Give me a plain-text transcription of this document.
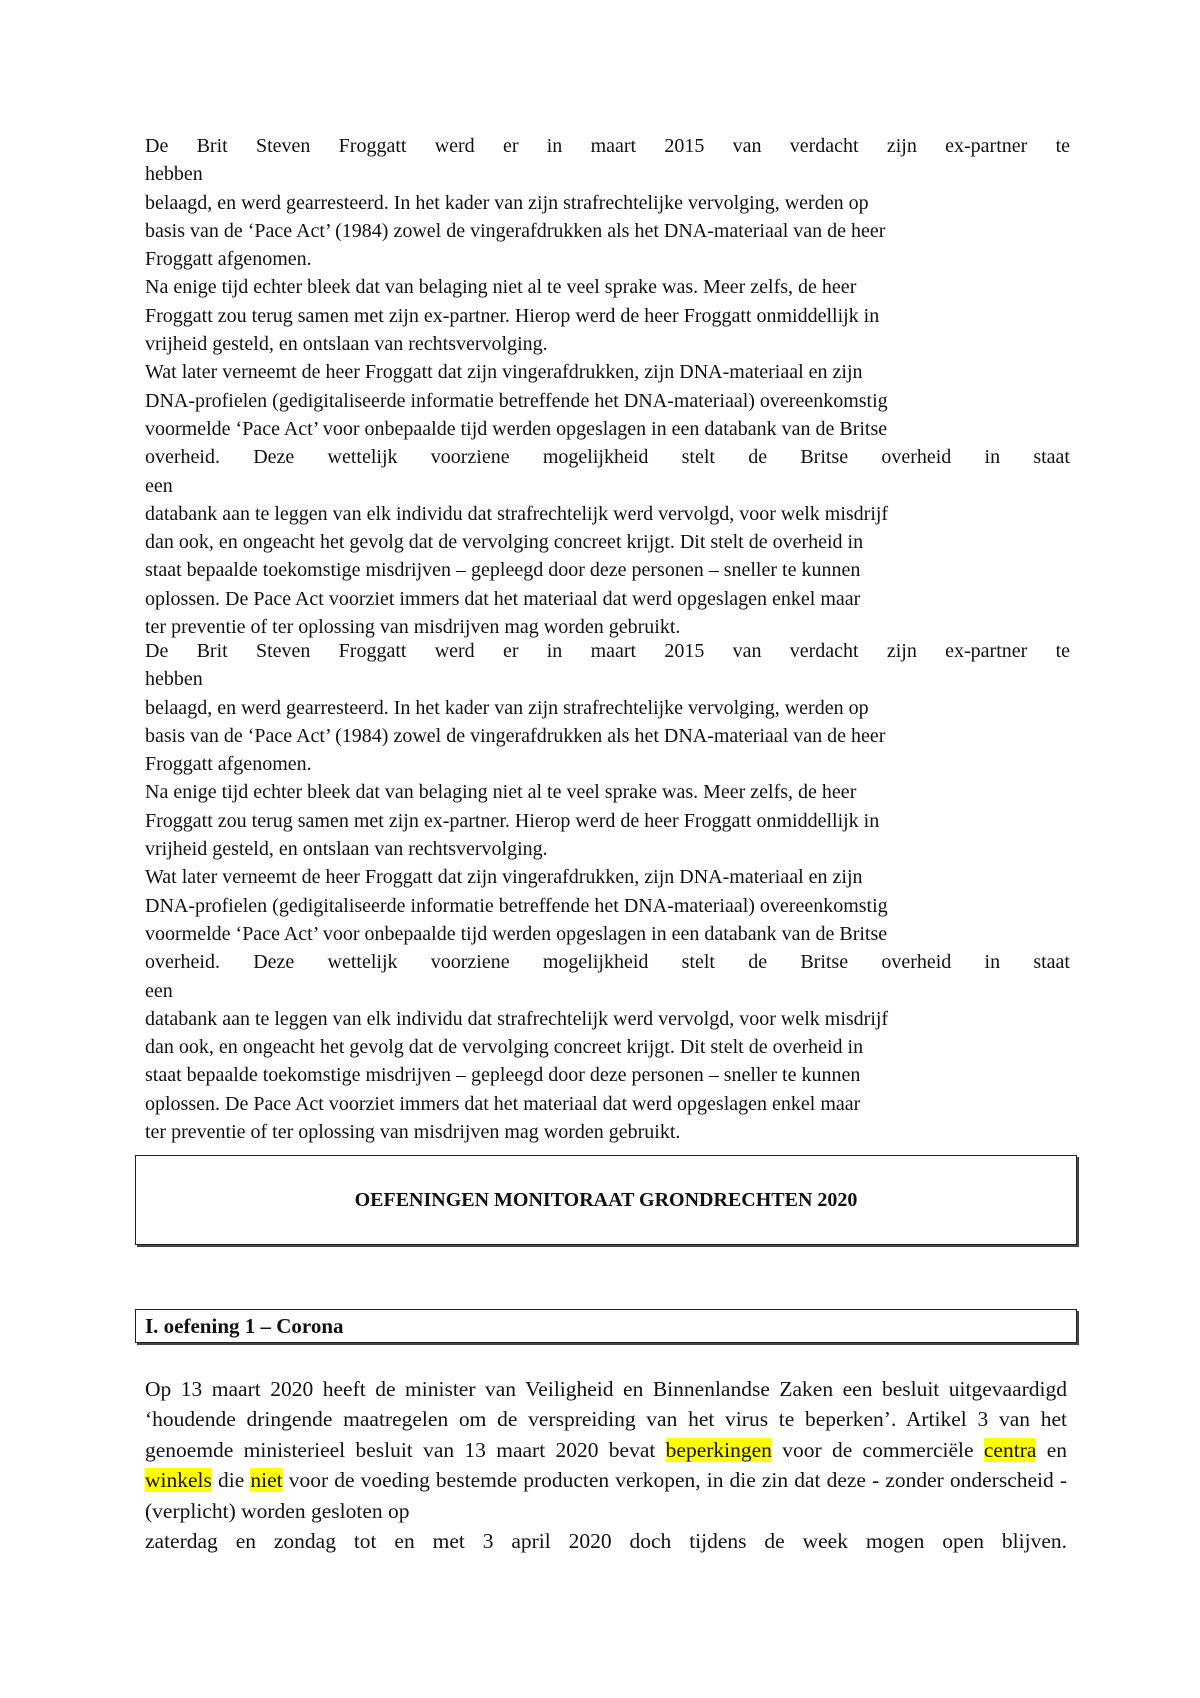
De Brit Steven Froggatt werd er in maart 2015 van verdacht zijn ex-partner te

hebben

belaagd, en werd gearresteerd. In het kader van zijn strafrechtelijke vervolging, werden op

basis van de ‘Pace Act’ (1984) zowel de vingerafdrukken als het DNA-materiaal van de heer

Froggatt afgenomen.

Na enige tijd echter bleek dat van belaging niet al te veel sprake was. Meer zelfs, de heer

Froggatt zou terug samen met zijn ex-partner. Hierop werd de heer Froggatt onmiddellijk in

vrijheid gesteld, en ontslaan van rechtsvervolging.

Wat later verneemt de heer Froggatt dat zijn vingerafdrukken, zijn DNA-materiaal en zijn

DNA-profielen (gedigitaliseerde informatie betreffende het DNA-materiaal) overeenkomstig

voormelde ‘Pace Act’ voor onbepaalde tijd werden opgeslagen in een databank van de Britse

overheid. Deze wettelijk voorziene mogelijkheid stelt de Britse overheid in staat

een

databank aan te leggen van elk individu dat strafrechtelijk werd vervolgd, voor welk misdrijf

dan ook, en ongeacht het gevolg dat de vervolging concreet krijgt. Dit stelt de overheid in

staat bepaalde toekomstige misdrijven – gepleegd door deze personen – sneller te kunnen

oplossen. De Pace Act voorziet immers dat het materiaal dat werd opgeslagen enkel maar

ter preventie of ter oplossing van misdrijven mag worden gebruikt.

De Brit Steven Froggatt werd er in maart 2015 van verdacht zijn ex-partner te

hebben

belaagd, en werd gearresteerd. In het kader van zijn strafrechtelijke vervolging, werden op

basis van de ‘Pace Act’ (1984) zowel de vingerafdrukken als het DNA-materiaal van de heer

Froggatt afgenomen.

Na enige tijd echter bleek dat van belaging niet al te veel sprake was. Meer zelfs, de heer

Froggatt zou terug samen met zijn ex-partner. Hierop werd de heer Froggatt onmiddellijk in

vrijheid gesteld, en ontslaan van rechtsvervolging.

Wat later verneemt de heer Froggatt dat zijn vingerafdrukken, zijn DNA-materiaal en zijn

DNA-profielen (gedigitaliseerde informatie betreffende het DNA-materiaal) overeenkomstig

voormelde ‘Pace Act’ voor onbepaalde tijd werden opgeslagen in een databank van de Britse

overheid. Deze wettelijk voorziene mogelijkheid stelt de Britse overheid in staat

een

databank aan te leggen van elk individu dat strafrechtelijk werd vervolgd, voor welk misdrijf

dan ook, en ongeacht het gevolg dat de vervolging concreet krijgt. Dit stelt de overheid in

staat bepaalde toekomstige misdrijven – gepleegd door deze personen – sneller te kunnen

oplossen. De Pace Act voorziet immers dat het materiaal dat werd opgeslagen enkel maar

ter preventie of ter oplossing van misdrijven mag worden gebruikt.

OEFENINGEN MONITORAAT GRONDRECHTEN 2020
I. oefening 1 – Corona
Op 13 maart 2020 heeft de minister van Veiligheid en Binnenlandse Zaken een besluit uitgevaardigd ‘houdende dringende maatregelen om de verspreiding van het virus te beperken’. Artikel 3 van het genoemde ministerieel besluit van 13 maart 2020 bevat beperkingen voor de commerciële centra en winkels die niet voor de voeding bestemde producten verkopen, in die zin dat deze - zonder onderscheid - (verplicht) worden gesloten op
zaterdag en zondag tot en met 3 april 2020 doch tijdens de week mogen open blijven.
